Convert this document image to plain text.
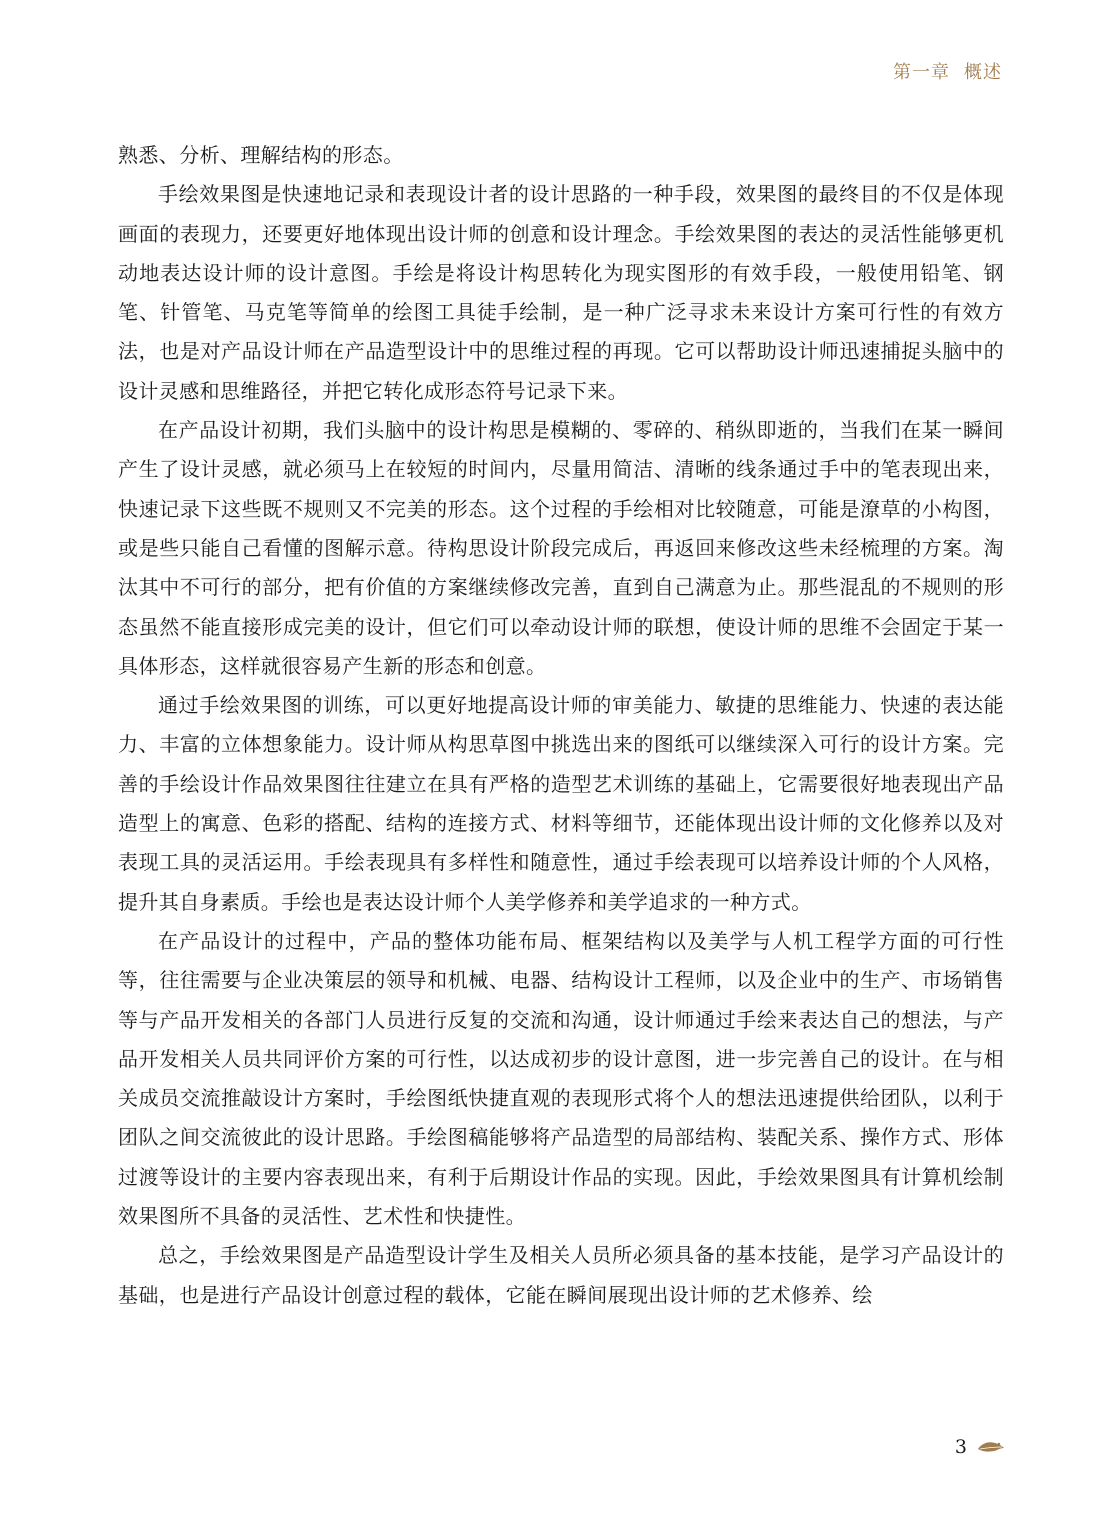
第一章 概述

熟悉、分析、理解结构的形态。

手绘效果图是快速地记录和表现设计者的设计思路的一种手段，效果图的最终目的不仅是体现画面的表现力，还要更好地体现出设计师的创意和设计理念。手绘效果图的表达的灵活性能够更机动地表达设计师的设计意图。手绘是将设计构思转化为现实图形的有效手段，一般使用铅笔、钢笔、针管笔、马克笔等简单的绘图工具徒手绘制，是一种广泛寻求未来设计方案可行性的有效方法，也是对产品设计师在产品造型设计中的思维过程的再现。它可以帮助设计师迅速捕捉头脑中的设计灵感和思维路径，并把它转化成形态符号记录下来。

在产品设计初期，我们头脑中的设计构思是模糊的、零碎的、稍纵即逝的，当我们在某一瞬间产生了设计灵感，就必须马上在较短的时间内，尽量用简洁、清晰的线条通过手中的笔表现出来，快速记录下这些既不规则又不完美的形态。这个过程的手绘相对比较随意，可能是潦草的小构图，或是些只能自己看懂的图解示意。待构思设计阶段完成后，再返回来修改这些未经梳理的方案。淘汰其中不可行的部分，把有价值的方案继续修改完善，直到自己满意为止。那些混乱的不规则的形态虽然不能直接形成完美的设计，但它们可以牵动设计师的联想，使设计师的思维不会固定于某一具体形态，这样就很容易产生新的形态和创意。

通过手绘效果图的训练，可以更好地提高设计师的审美能力、敏捷的思维能力、快速的表达能力、丰富的立体想象能力。设计师从构思草图中挑选出来的图纸可以继续深入可行的设计方案。完善的手绘设计作品效果图往往建立在具有严格的造型艺术训练的基础上，它需要很好地表现出产品造型上的寓意、色彩的搭配、结构的连接方式、材料等细节，还能体现出设计师的文化修养以及对表现工具的灵活运用。手绘表现具有多样性和随意性，通过手绘表现可以培养设计师的个人风格，提升其自身素质。手绘也是表达设计师个人美学修养和美学追求的一种方式。

在产品设计的过程中，产品的整体功能布局、框架结构以及美学与人机工程学方面的可行性等，往往需要与企业决策层的领导和机械、电器、结构设计工程师，以及企业中的生产、市场销售等与产品开发相关的各部门人员进行反复的交流和沟通，设计师通过手绘来表达自己的想法，与产品开发相关人员共同评价方案的可行性，以达成初步的设计意图，进一步完善自己的设计。在与相关成员交流推敲设计方案时，手绘图纸快捷直观的表现形式将个人的想法迅速提供给团队，以利于团队之间交流彼此的设计思路。手绘图稿能够将产品造型的局部结构、装配关系、操作方式、形体过渡等设计的主要内容表现出来，有利于后期设计作品的实现。因此，手绘效果图具有计算机绘制效果图所不具备的灵活性、艺术性和快捷性。

总之，手绘效果图是产品造型设计学生及相关人员所必须具备的基本技能，是学习产品设计的基础，也是进行产品设计创意过程的载体，它能在瞬间展现出设计师的艺术修养、绘

3
